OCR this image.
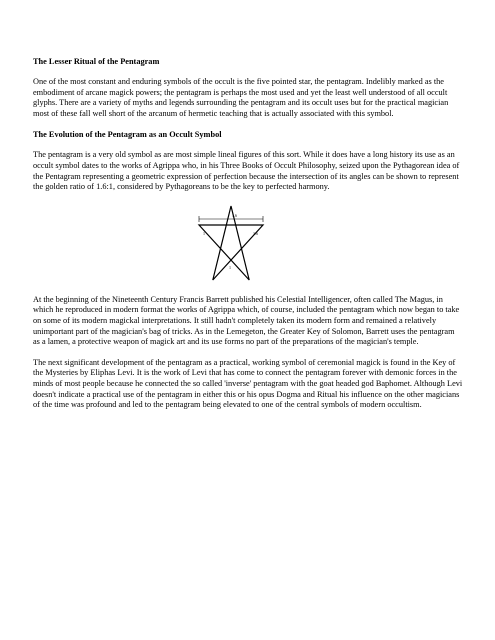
The Lesser Ritual of the Pentagram

One of the most constant and enduring symbols of the occult is the five pointed star, the pentagram. Indelibly marked as the embodiment of arcane magick powers; the pentagram is perhaps the most used and yet the least well understood of all occult glyphs. There are a variety of myths and legends surrounding the pentagram and its occult uses but for the practical magician most of these fall well short of the arcanum of hermetic teaching that is actually associated with this symbol.

The Evolution of the Pentagram as an Occult Symbol

The pentagram is a very old symbol as are most simple lineal figures of this sort. While it does have a long history its use as an occult symbol dates to the works of Agrippa who, in his Three Books of Occult Philosophy, seized upon the Pythagorean idea of the Pentagram representing a geometric expression of perfection because the intersection of its angles can be shown to represent the golden ratio of 1.6:1, considered by Pythagoreans to be the key to perfected harmony.

1.6
1	1.6
1

At the beginning of the Nineteenth Century Francis Barrett published his Celestial Intelligencer, often called The Magus, in which he reproduced in modern format the works of Agrippa which, of course, included the pentagram which now began to take on some of its modern magickal interpretations. It still hadn't completely taken its modern form and remained a relatively unimportant part of the magician's bag of tricks. As in the Lemegeton, the Greater Key of Solomon, Barrett uses the pentagram as a lamen, a protective weapon of magick art and its use forms no part of the preparations of the magician's temple.

The next significant development of the pentagram as a practical, working symbol of ceremonial magick is found in the Key of the Mysteries by Eliphas Levi. It is the work of Levi that has come to connect the pentagram forever with demonic forces in the minds of most people because he connected the so called 'inverse' pentagram with the goat headed god Baphomet. Although Levi doesn't indicate a practical use of the pentagram in either this or his opus Dogma and Ritual his influence on the other magicians of the time was profound and led to the pentagram being elevated to one of the central symbols of modern occultism.
